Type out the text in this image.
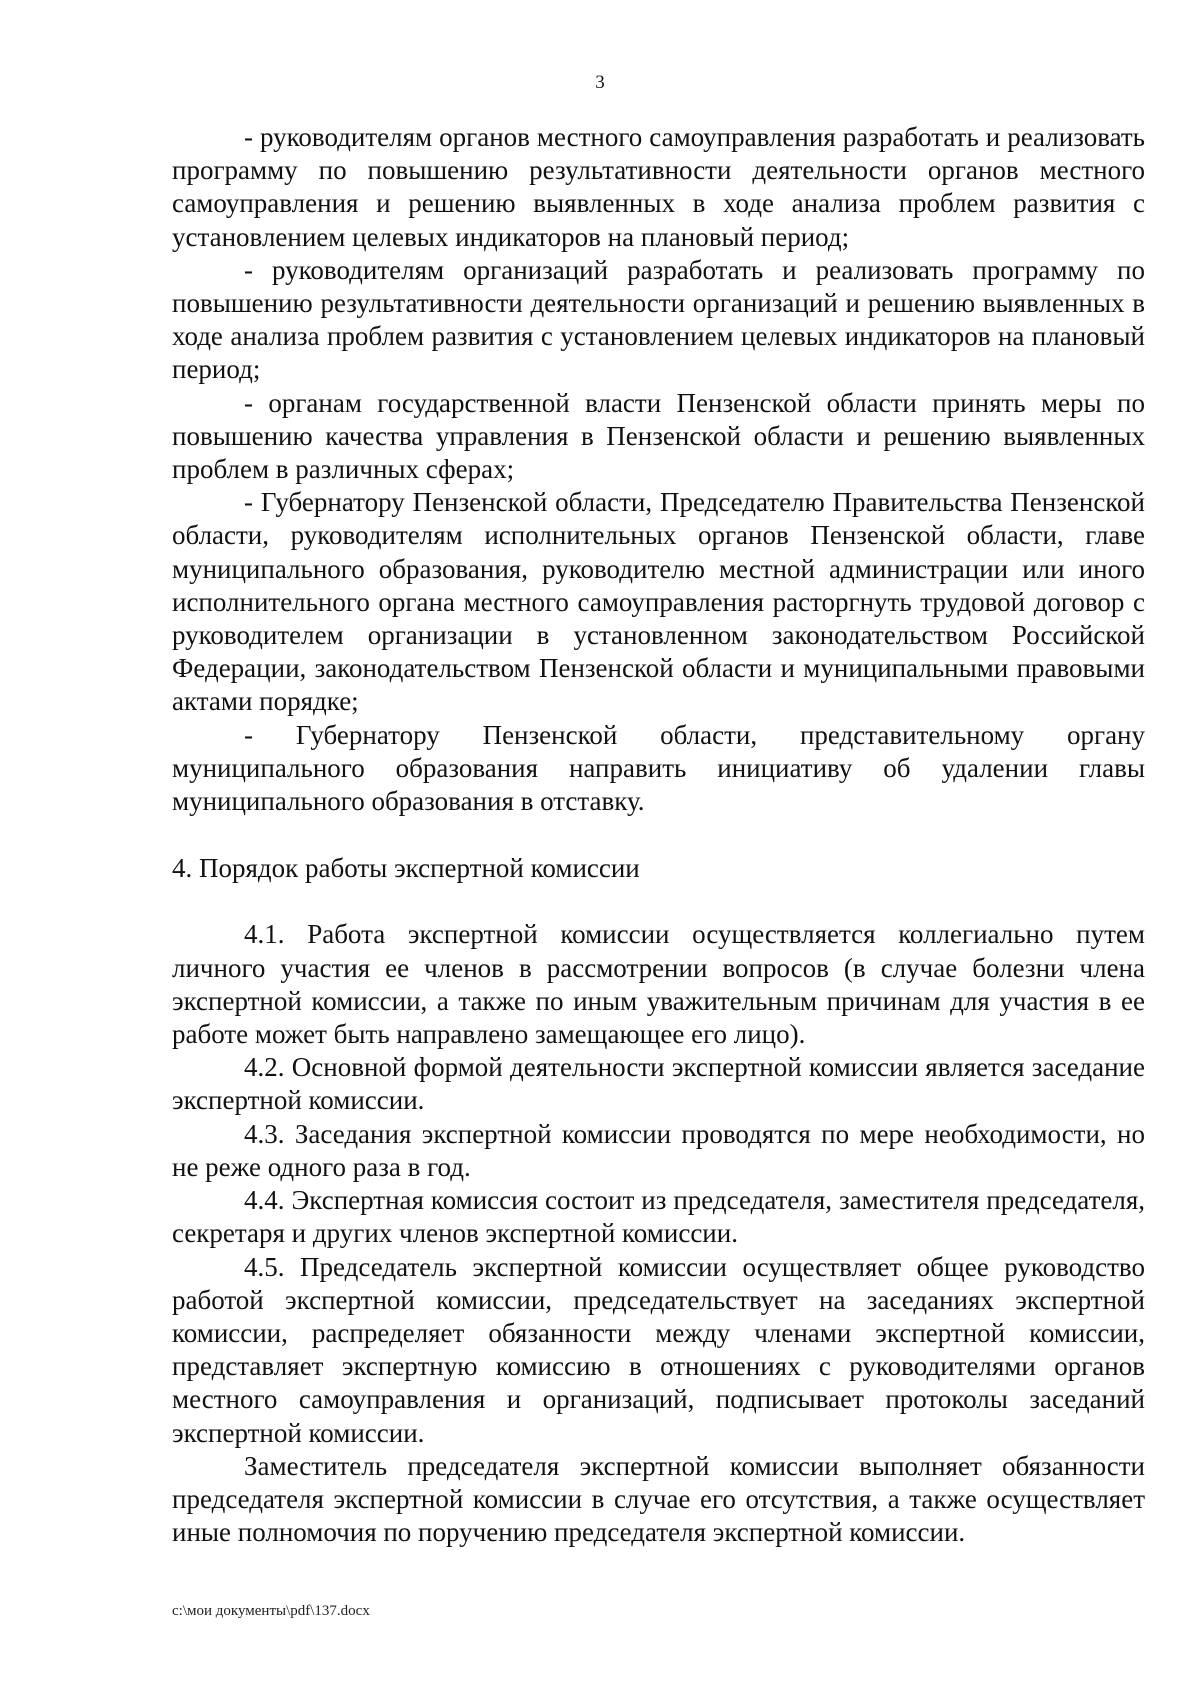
3

- руководителям органов местного самоуправления разработать и реализовать программу по повышению результативности деятельности органов местного самоуправления и решению выявленных в ходе анализа проблем развития с установлением целевых индикаторов на плановый период;

- руководителям организаций разработать и реализовать программу по повышению результативности деятельности организаций и решению выявленных в ходе анализа проблем развития с установлением целевых индикаторов на плановый период;

- органам государственной власти Пензенской области принять меры по повышению качества управления в Пензенской области и решению выявленных проблем в различных сферах;

- Губернатору Пензенской области, Председателю Правительства Пензенской области, руководителям исполнительных органов Пензенской области, главе муниципального образования, руководителю местной администрации или иного исполнительного органа местного самоуправления расторгнуть трудовой договор с руководителем организации в установленном законодательством Российской Федерации, законодательством Пензенской области и муниципальными правовыми актами порядке;

- Губернатору Пензенской области, представительному органу муниципального образования направить инициативу об удалении главы муниципального образования в отставку.

4. Порядок работы экспертной комиссии

4.1. Работа экспертной комиссии осуществляется коллегиально путем личного участия ее членов в рассмотрении вопросов (в случае болезни члена экспертной комиссии, а также по иным уважительным причинам для участия в ее работе может быть направлено замещающее его лицо).

4.2. Основной формой деятельности экспертной комиссии является заседание экспертной комиссии.

4.3. Заседания экспертной комиссии проводятся по мере необходимости, но не реже одного раза в год.

4.4. Экспертная комиссия состоит из председателя, заместителя председателя, секретаря и других членов экспертной комиссии.

4.5. Председатель экспертной комиссии осуществляет общее руководство работой экспертной комиссии, председательствует на заседаниях экспертной комиссии, распределяет обязанности между членами экспертной комиссии, представляет экспертную комиссию в отношениях с руководителями органов местного самоуправления и организаций, подписывает протоколы заседаний экспертной комиссии.

Заместитель председателя экспертной комиссии выполняет обязанности председателя экспертной комиссии в случае его отсутствия, а также осуществляет иные полномочия по поручению председателя экспертной комиссии.

c:\мои документы\pdf\137.docx
